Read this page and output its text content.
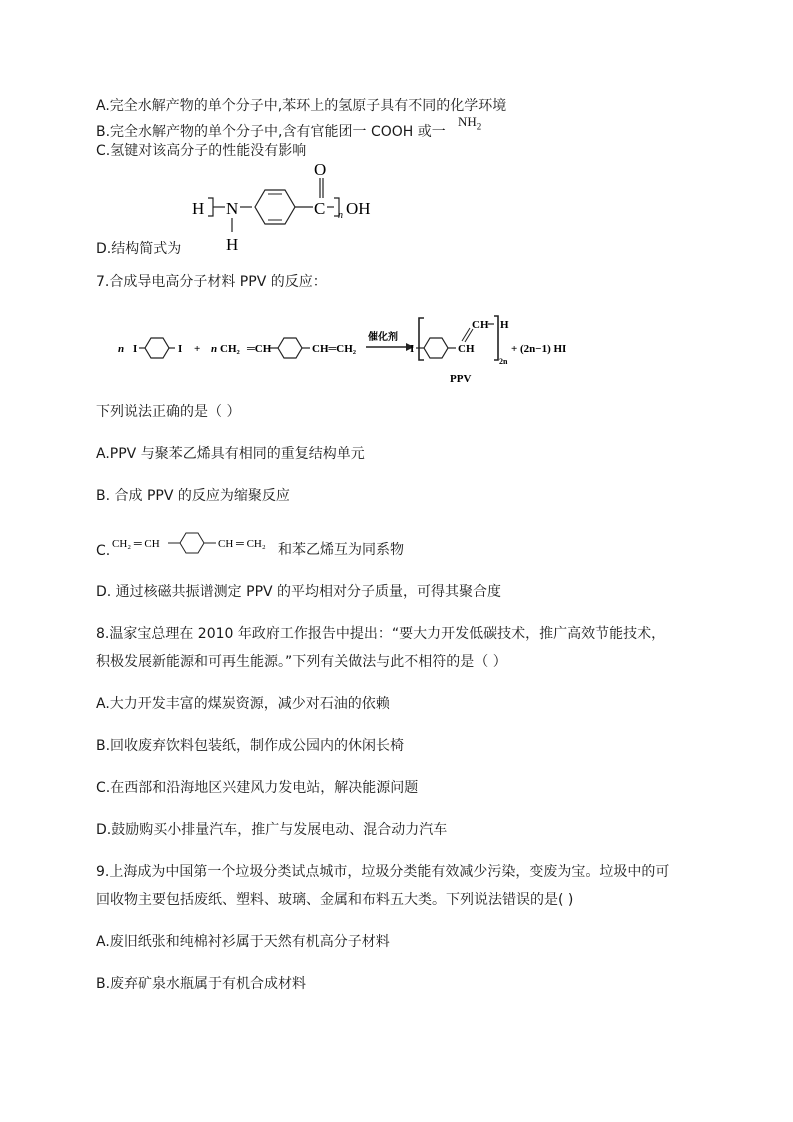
A.完全水解产物的单个分子中,苯环上的氢原子具有不同的化学环境
B.完全水解产物的单个分子中,含有官能团一 COOH 或一
$NH_2$
C.氢键对该高分子的性能没有影响
H N
H
C
O
n OH
D.结构简式为
7.合成导电高分子材料 PPV 的反应：
n I	I + n CH₂ ═CH	CH═CH₂
催化剂
I	CH
CH H
2n
+ (2n−1) HI
PPV
下列说法正确的是（ ）
A.PPV 与聚苯乙烯具有相同的重复结构单元
B. 合成 PPV 的反应为缩聚反应
C. CH₂ ═ CH	CH ═ CH₂ 和苯乙烯互为同系物
D. 通过核磁共振谱测定 PPV 的平均相对分子质量，可得其聚合度
8.温家宝总理在 2010 年政府工作报告中提出：“要大力开发低碳技术，推广高效节能技术，
积极发展新能源和可再生能源。”下列有关做法与此不相符的是（ ）
A.大力开发丰富的煤炭资源，减少对石油的依赖
B.回收废弃饮料包装纸，制作成公园内的休闲长椅
C.在西部和沿海地区兴建风力发电站，解决能源问题
D.鼓励购买小排量汽车，推广与发展电动、混合动力汽车
9.上海成为中国第一个垃圾分类试点城市，垃圾分类能有效减少污染，变废为宝。垃圾中的可
回收物主要包括废纸、塑料、玻璃、金属和布料五大类。下列说法错误的是( )
A.废旧纸张和纯棉衬衫属于天然有机高分子材料
B.废弃矿泉水瓶属于有机合成材料
